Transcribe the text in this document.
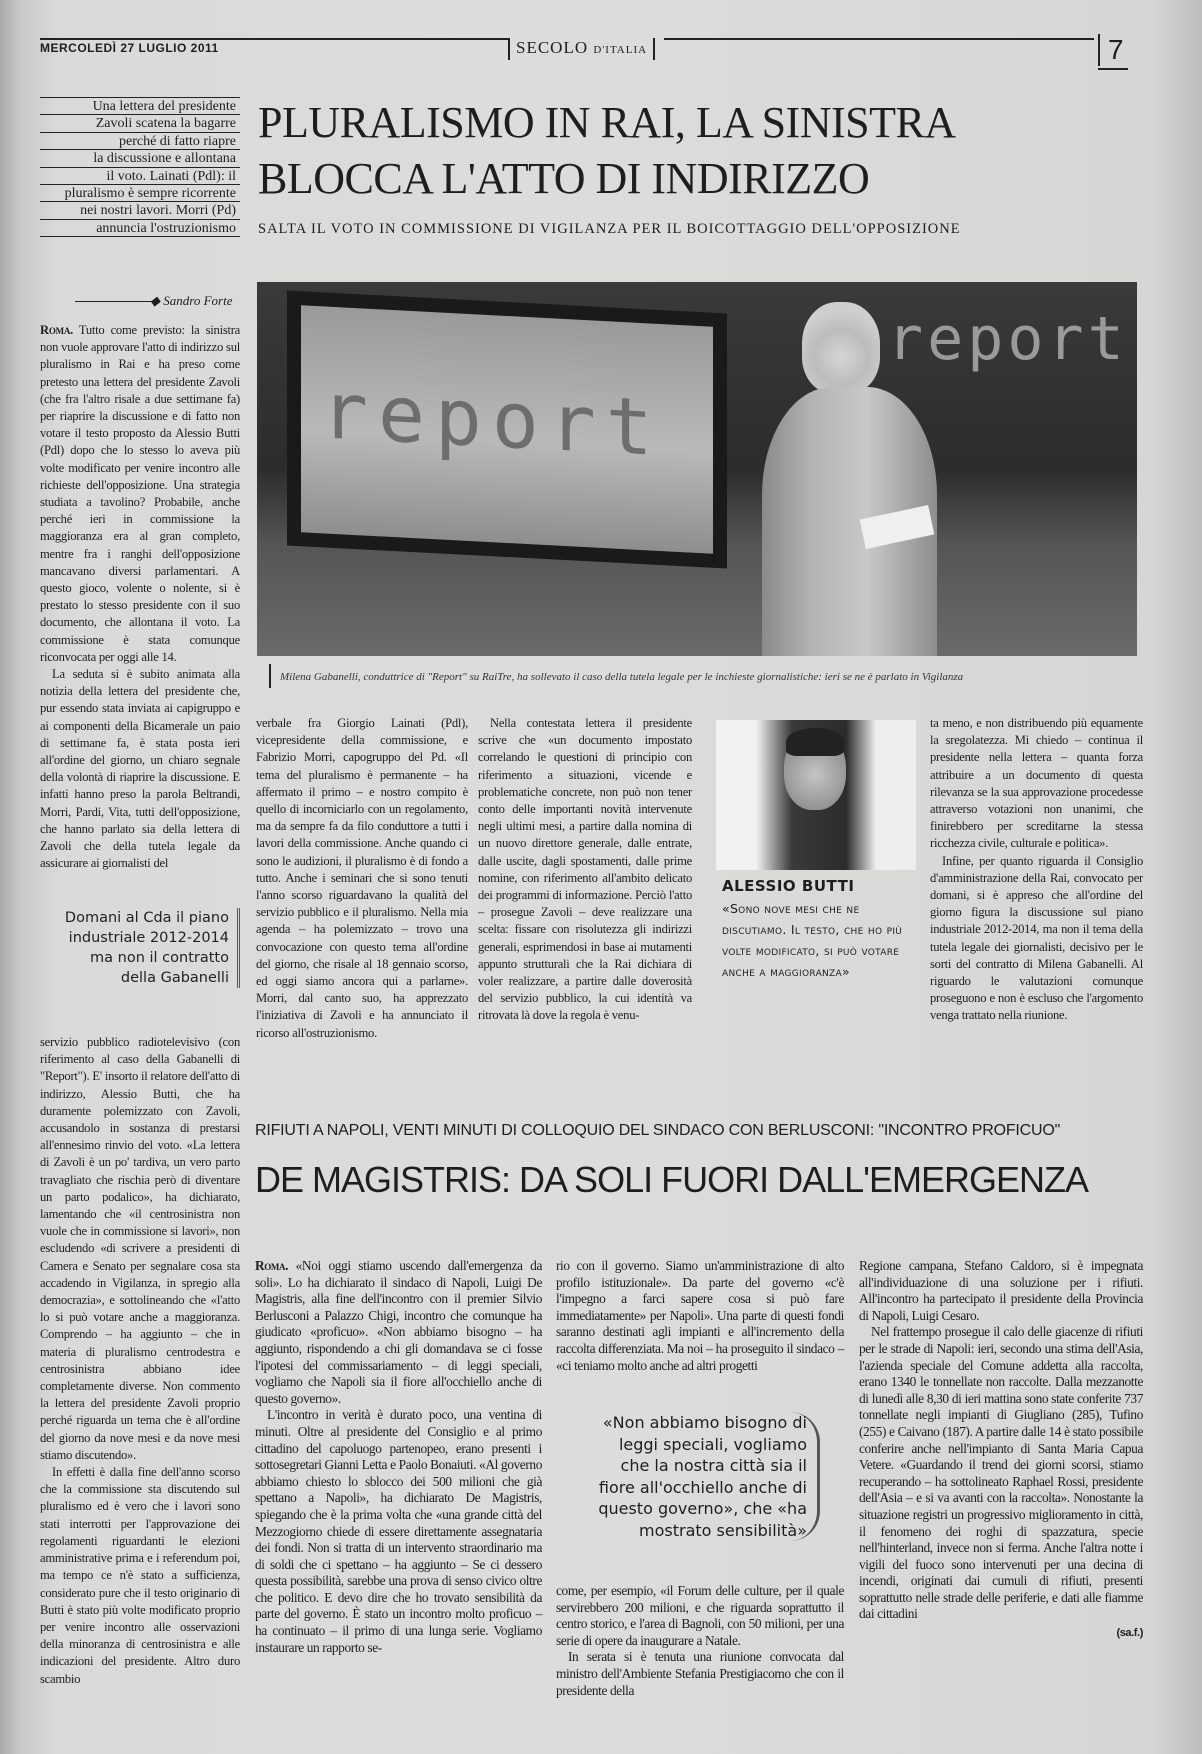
MERCOLEDÌ 27 LUGLIO 2011	SECOLO D'ITALIA	7
Una lettera del presidente
Zavoli scatena la bagarre
perché di fatto riapre
la discussione e allontana
il voto. Lainati (Pdl): il
pluralismo è sempre ricorrente
nei nostri lavori. Morri (Pd)
annuncia l'ostruzionismo
PLURALISMO IN RAI, LA SINISTRA
BLOCCA L'ATTO DI INDIRIZZO
SALTA IL VOTO IN COMMISSIONE DI VIGILANZA PER IL BOICOTTAGGIO DELL'OPPOSIZIONE
◆ Sandro Forte

Roma. Tutto come previsto: la sinistra non vuole approvare l'atto di indirizzo sul pluralismo in Rai e ha preso come pretesto una lettera del presidente Zavoli (che fra l'altro risale a due settimane fa) per riaprire la discussione e di fatto non votare il testo proposto da Alessio Butti (Pdl) dopo che lo stesso lo aveva più volte modificato per venire incontro alle richieste dell'opposizione. Una strategia studiata a tavolino? Probabile, anche perché ieri in commissione la maggioranza era al gran completo, mentre fra i ranghi dell'opposizione mancavano diversi parlamentari. A questo gioco, volente o nolente, si è prestato lo stesso presidente con il suo documento, che allontana il voto. La commissione è stata comunque riconvocata per oggi alle 14.

La seduta si è subito animata alla notizia della lettera del presidente che, pur essendo stata inviata ai capigruppo e ai componenti della Bicamerale un paio di settimane fa, è stata posta ieri all'ordine del giorno, un chiaro segnale della volontà di riaprire la discussione. E infatti hanno preso la parola Beltrandi, Morri, Pardi, Vita, tutti dell'opposizione, che hanno parlato sia della lettera di Zavoli che della tutela legale da assicurare ai giornalisti del

Domani al Cda il piano
industriale 2012-2014
ma non il contratto
della Gabanelli

servizio pubblico radiotelevisivo (con riferimento al caso della Gabanelli di "Report"). E' insorto il relatore dell'atto di indirizzo, Alessio Butti, che ha duramente polemizzato con Zavoli, accusandolo in sostanza di prestarsi all'ennesimo rinvio del voto. «La lettera di Zavoli è un po' tardiva, un vero parto travagliato che rischia però di diventare un parto podalico», ha dichiarato, lamentando che «il centrosinistra non vuole che in commissione si lavori», non escludendo «di scrivere a presidenti di Camera e Senato per segnalare cosa sta accadendo in Vigilanza, in spregio alla democrazia», e sottolineando che «l'atto lo si può votare anche a maggioranza. Comprendo – ha aggiunto – che in materia di pluralismo centrodestra e centrosinistra abbiano idee completamente diverse. Non commento la lettera del presidente Zavoli proprio perché riguarda un tema che è all'ordine del giorno da nove mesi e da nove mesi stiamo discutendo».

In effetti è dalla fine dell'anno scorso che la commissione sta discutendo sul pluralismo ed è vero che i lavori sono stati interrotti per l'approvazione dei regolamenti riguardanti le elezioni amministrative prima e i referendum poi, ma tempo ce n'è stato a sufficienza, considerato pure che il testo originario di Butti è stato più volte modificato proprio per venire incontro alle osservazioni della minoranza di centrosinistra e alle indicazioni del presidente. Altro duro scambio

report
report
Milena Gabanelli, conduttrice di "Report" su RaiTre, ha sollevato il caso della tutela legale per le inchieste giornalistiche: ieri se ne è parlato in Vigilanza

verbale fra Giorgio Lainati (Pdl), vicepresidente della commissione, e Fabrizio Morri, capogruppo del Pd. «Il tema del pluralismo è permanente – ha affermato il primo – e nostro compito è quello di incorniciarlo con un regolamento, ma da sempre fa da filo conduttore a tutti i lavori della commissione. Anche quando ci sono le audizioni, il pluralismo è di fondo a tutto. Anche i seminari che si sono tenuti l'anno scorso riguardavano la qualità del servizio pubblico e il pluralismo. Nella mia agenda – ha polemizzato – trovo una convocazione con questo tema all'ordine del giorno, che risale al 18 gennaio scorso, ed oggi siamo ancora qui a parlarne». Morri, dal canto suo, ha apprezzato l'iniziativa di Zavoli e ha annunciato il ricorso all'ostruzionismo.

Nella contestata lettera il presidente scrive che «un documento impostato correlando le questioni di principio con riferimento a situazioni, vicende e problematiche concrete, non può non tener conto delle importanti novità intervenute negli ultimi mesi, a partire dalla nomina di un nuovo direttore generale, dalle entrate, dalle uscite, dagli spostamenti, dalle prime nomine, con riferimento all'ambito delicato dei programmi di informazione. Perciò l'atto – prosegue Zavoli – deve realizzare una scelta: fissare con risolutezza gli indirizzi generali, esprimendosi in base ai mutamenti appunto strutturali che la Rai dichiara di voler realizzare, a partire dalle doverosità del servizio pubblico, la cui identità va ritrovata là dove la regola è venu-

ALESSIO BUTTI
«Sono nove mesi che ne discutiamo. Il testo, che ho più volte modificato, si può votare anche a maggioranza»

ta meno, e non distribuendo più equamente la sregolatezza. Mi chiedo – continua il presidente nella lettera – quanta forza attribuire a un documento di questa rilevanza se la sua approvazione procedesse attraverso votazioni non unanimi, che finirebbero per screditarne la stessa ricchezza civile, culturale e politica».

Infine, per quanto riguarda il Consiglio d'amministrazione della Rai, convocato per domani, si è appreso che all'ordine del giorno figura la discussione sul piano industriale 2012-2014, ma non il tema della tutela legale dei giornalisti, decisivo per le sorti del contratto di Milena Gabanelli. Al riguardo le valutazioni comunque proseguono e non è escluso che l'argomento venga trattato nella riunione.

RIFIUTI A NAPOLI, VENTI MINUTI DI COLLOQUIO DEL SINDACO CON BERLUSCONI: "INCONTRO PROFICUO"
DE MAGISTRIS: DA SOLI FUORI DALL'EMERGENZA

Roma. «Noi oggi stiamo uscendo dall'emergenza da soli». Lo ha dichiarato il sindaco di Napoli, Luigi De Magistris, alla fine dell'incontro con il premier Silvio Berlusconi a Palazzo Chigi, incontro che comunque ha giudicato «proficuo». «Non abbiamo bisogno – ha aggiunto, rispondendo a chi gli domandava se ci fosse l'ipotesi del commissariamento – di leggi speciali, vogliamo che Napoli sia il fiore all'occhiello anche di questo governo».

L'incontro in verità è durato poco, una ventina di minuti. Oltre al presidente del Consiglio e al primo cittadino del capoluogo partenopeo, erano presenti i sottosegretari Gianni Letta e Paolo Bonaiuti. «Al governo abbiamo chiesto lo sblocco dei 500 milioni che già spettano a Napoli», ha dichiarato De Magistris, spiegando che è la prima volta che «una grande città del Mezzogiorno chiede di essere direttamente assegnataria dei fondi. Non si tratta di un intervento straordinario ma di soldi che ci spettano – ha aggiunto – Se ci dessero questa possibilità, sarebbe una prova di senso civico oltre che politico. E devo dire che ho trovato sensibilità da parte del governo. È stato un incontro molto proficuo – ha continuato – il primo di una lunga serie. Vogliamo instaurare un rapporto se-

rio con il governo. Siamo un'amministrazione di alto profilo istituzionale». Da parte del governo «c'è l'impegno a farci sapere cosa si può fare immediatamente» per Napoli». Una parte di questi fondi saranno destinati agli impianti e all'incremento della raccolta differenziata. Ma noi – ha proseguito il sindaco – «ci teniamo molto anche ad altri progetti

«Non abbiamo bisogno di leggi speciali, vogliamo che la nostra città sia il fiore all'occhiello anche di questo governo», che «ha mostrato sensibilità»

come, per esempio, «il Forum delle culture, per il quale servirebbero 200 milioni, e che riguarda soprattutto il centro storico, e l'area di Bagnoli, con 50 milioni, per una serie di opere da inaugurare a Natale.

In serata si è tenuta una riunione convocata dal ministro dell'Ambiente Stefania Prestigiacomo che con il presidente della

Regione campana, Stefano Caldoro, si è impegnata all'individuazione di una soluzione per i rifiuti. All'incontro ha partecipato il presidente della Provincia di Napoli, Luigi Cesaro.

Nel frattempo prosegue il calo delle giacenze di rifiuti per le strade di Napoli: ieri, secondo una stima dell'Asia, l'azienda speciale del Comune addetta alla raccolta, erano 1340 le tonnellate non raccolte. Dalla mezzanotte di lunedì alle 8,30 di ieri mattina sono state conferite 737 tonnellate negli impianti di Giugliano (285), Tufino (255) e Caivano (187). A partire dalle 14 è stato possibile conferire anche nell'impianto di Santa Maria Capua Vetere. «Guardando il trend dei giorni scorsi, stiamo recuperando – ha sottolineato Raphael Rossi, presidente dell'Asia – e si va avanti con la raccolta». Nonostante la situazione registri un progressivo miglioramento in città, il fenomeno dei roghi di spazzatura, specie nell'hinterland, invece non si ferma. Anche l'altra notte i vigili del fuoco sono intervenuti per una decina di incendi, originati dai cumuli di rifiuti, presenti soprattutto nelle strade delle periferie, e dati alle fiamme dai cittadini

(sa.f.)
